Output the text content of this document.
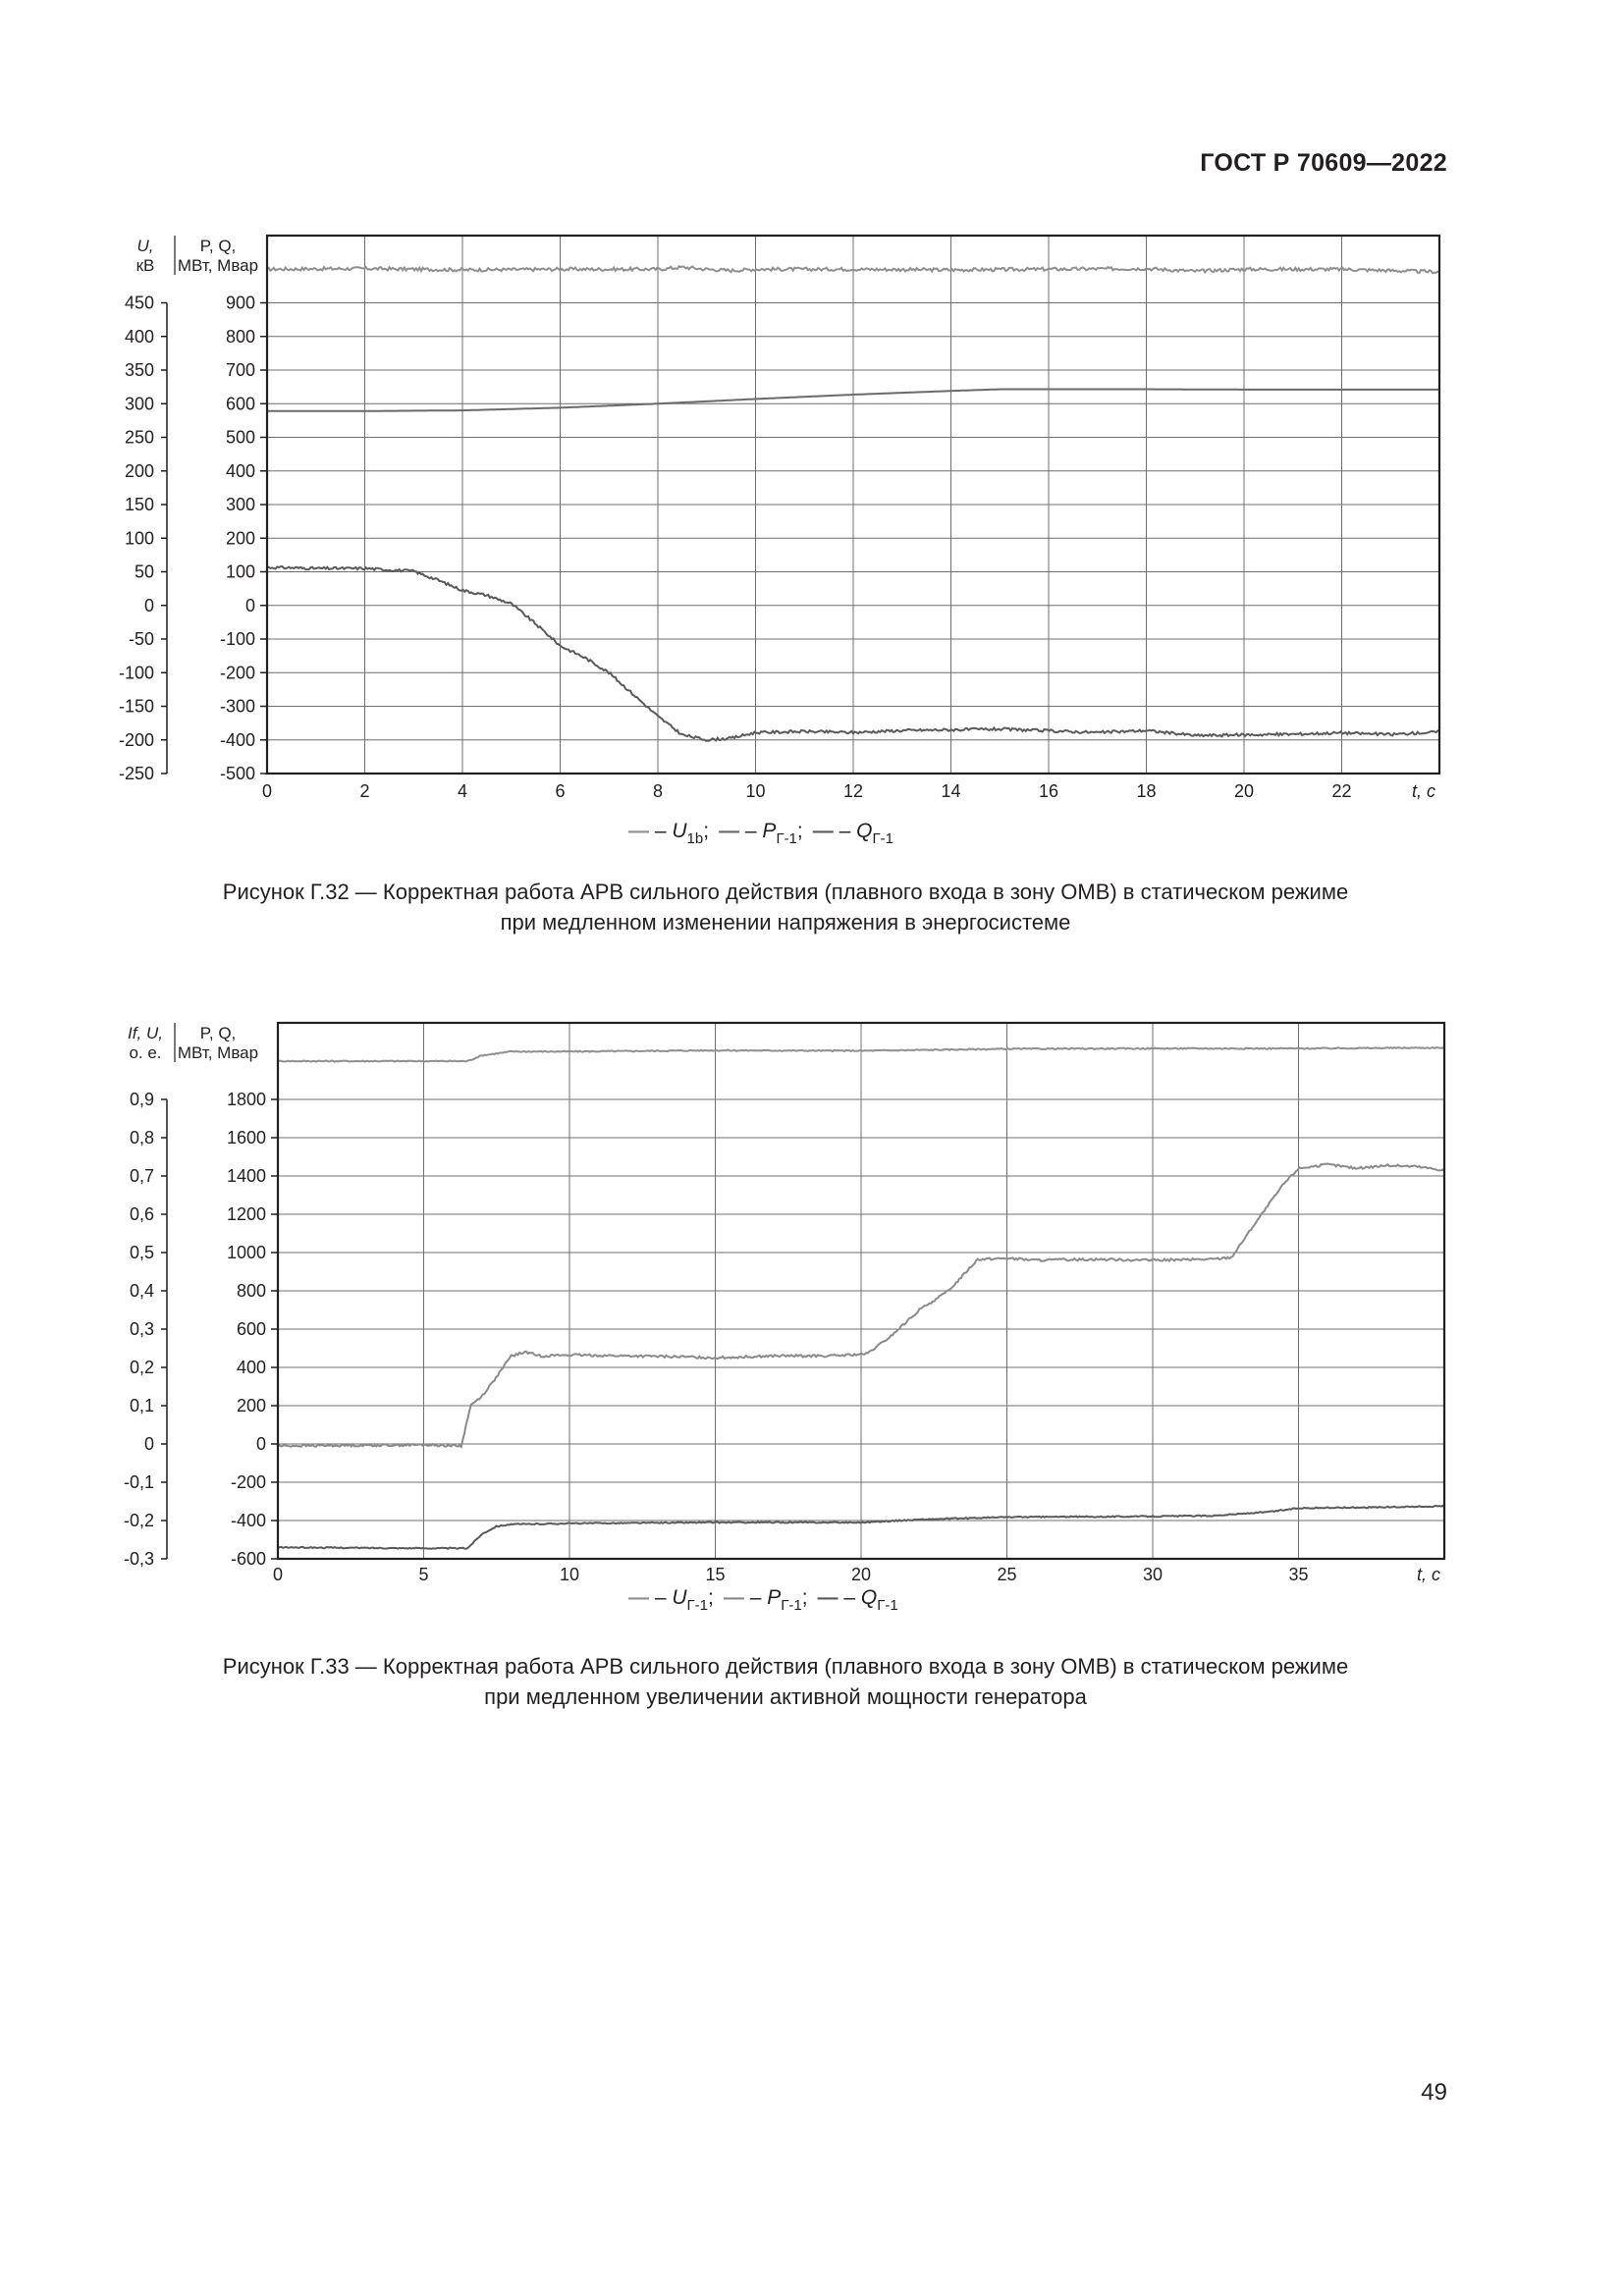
ГОСТ Р 70609—2022
900
800
700
600
500
400
300
200
100
0
-100
-200
-300
-400
-500
450
400
350
300
250
200
150
100
50
0
-50
-100
-150
-200
-250
U,
кВ
P, Q,
МВт, Мвар
0	2	4	6	8	10	12	14	16	18	20	22	t, c
— – $U_{1b}$; — – $P_{Г-1}$; — – $Q_{Г-1}$
Рисунок Г.32 — Корректная работа АРВ сильного действия (плавного входа в зону ОМВ) в статическом режиме
при медленном изменении напряжения в энергосистеме
1800
1600
1400
1200
1000
800
600
400
200
0
-200
-400
-600
0,9
0,8
0,7
0,6
0,5
0,4
0,3
0,2
0,1
0
-0,1
-0,2
-0,3
If, U,
о. е.
P, Q,
МВт, Мвар
0	5	10	15	20	25	30	35	t, c
— – $U_{Г-1}$; — – $P_{Г-1}$; — – $Q_{Г-1}$
Рисунок Г.33 — Корректная работа АРВ сильного действия (плавного входа в зону ОМВ) в статическом режиме
при медленном увеличении активной мощности генератора
49
